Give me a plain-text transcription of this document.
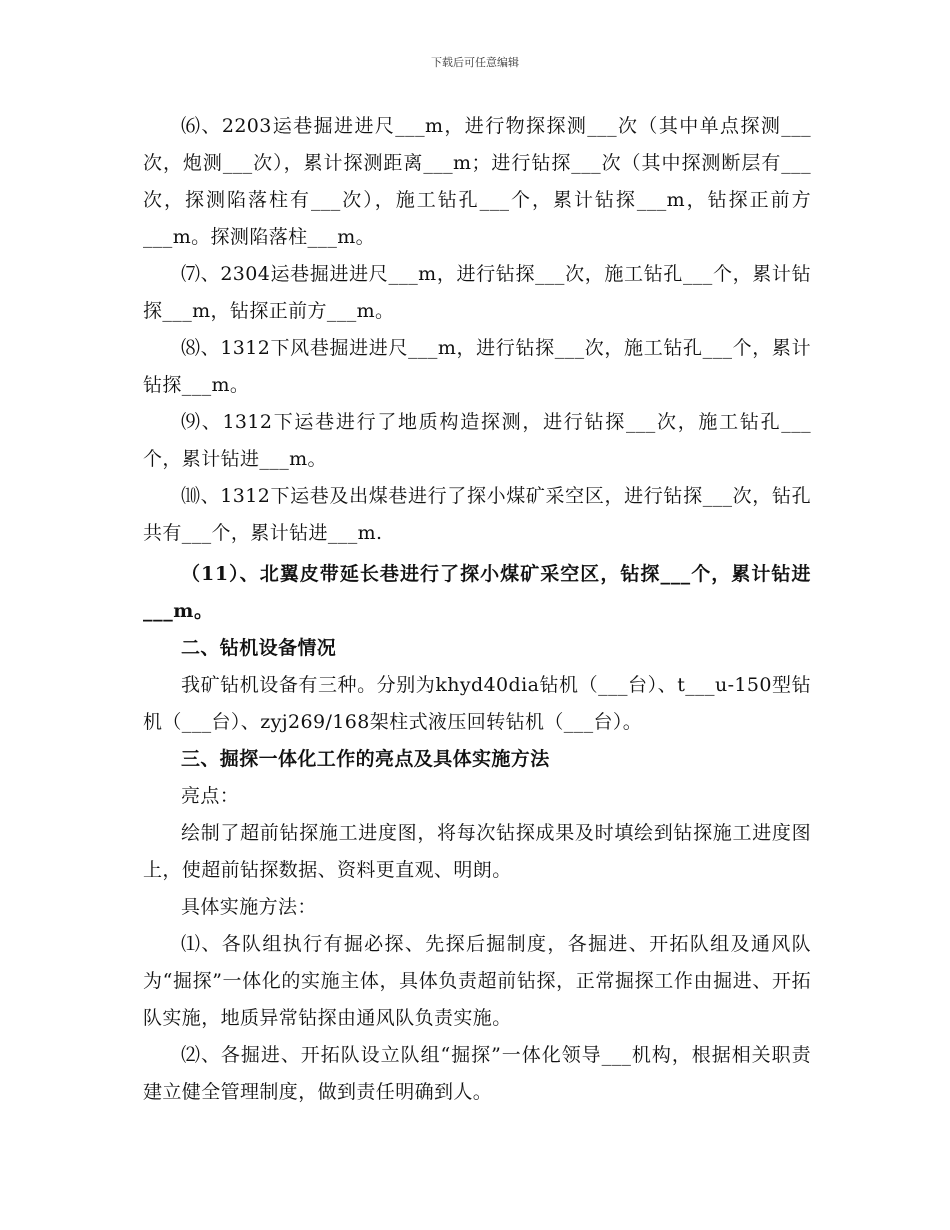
下载后可任意编辑

⑹、2203运巷掘进进尺___m，进行物探探测___次（其中单点探测___次，炮测___次），累计探测距离___m；进行钻探___次（其中探测断层有___次，探测陷落柱有___次），施工钻孔___个，累计钻探___m，钻探正前方___m。探测陷落柱___m。

⑺、2304运巷掘进进尺___m，进行钻探___次，施工钻孔___个，累计钻探___m，钻探正前方___m。

⑻、1312下风巷掘进进尺___m，进行钻探___次，施工钻孔___个，累计钻探___m。

⑼、1312下运巷进行了地质构造探测，进行钻探___次，施工钻孔___个，累计钻进___m。

⑽、1312下运巷及出煤巷进行了探小煤矿采空区，进行钻探___次，钻孔共有___个，累计钻进___m.

（11）、北翼皮带延长巷进行了探小煤矿采空区，钻探___个，累计钻进___m。

二、钻机设备情况

我矿钻机设备有三种。分别为khyd40dia钻机（___台）、t___u-150型钻机（___台）、zyj269/168架柱式液压回转钻机（___台）。

三、掘探一体化工作的亮点及具体实施方法

亮点：

绘制了超前钻探施工进度图，将每次钻探成果及时填绘到钻探施工进度图上，使超前钻探数据、资料更直观、明朗。

具体实施方法：

⑴、各队组执行有掘必探、先探后掘制度，各掘进、开拓队组及通风队为“掘探”一体化的实施主体，具体负责超前钻探，正常掘探工作由掘进、开拓队实施，地质异常钻探由通风队负责实施。

⑵、各掘进、开拓队设立队组“掘探”一体化领导___机构，根据相关职责建立健全管理制度，做到责任明确到人。
